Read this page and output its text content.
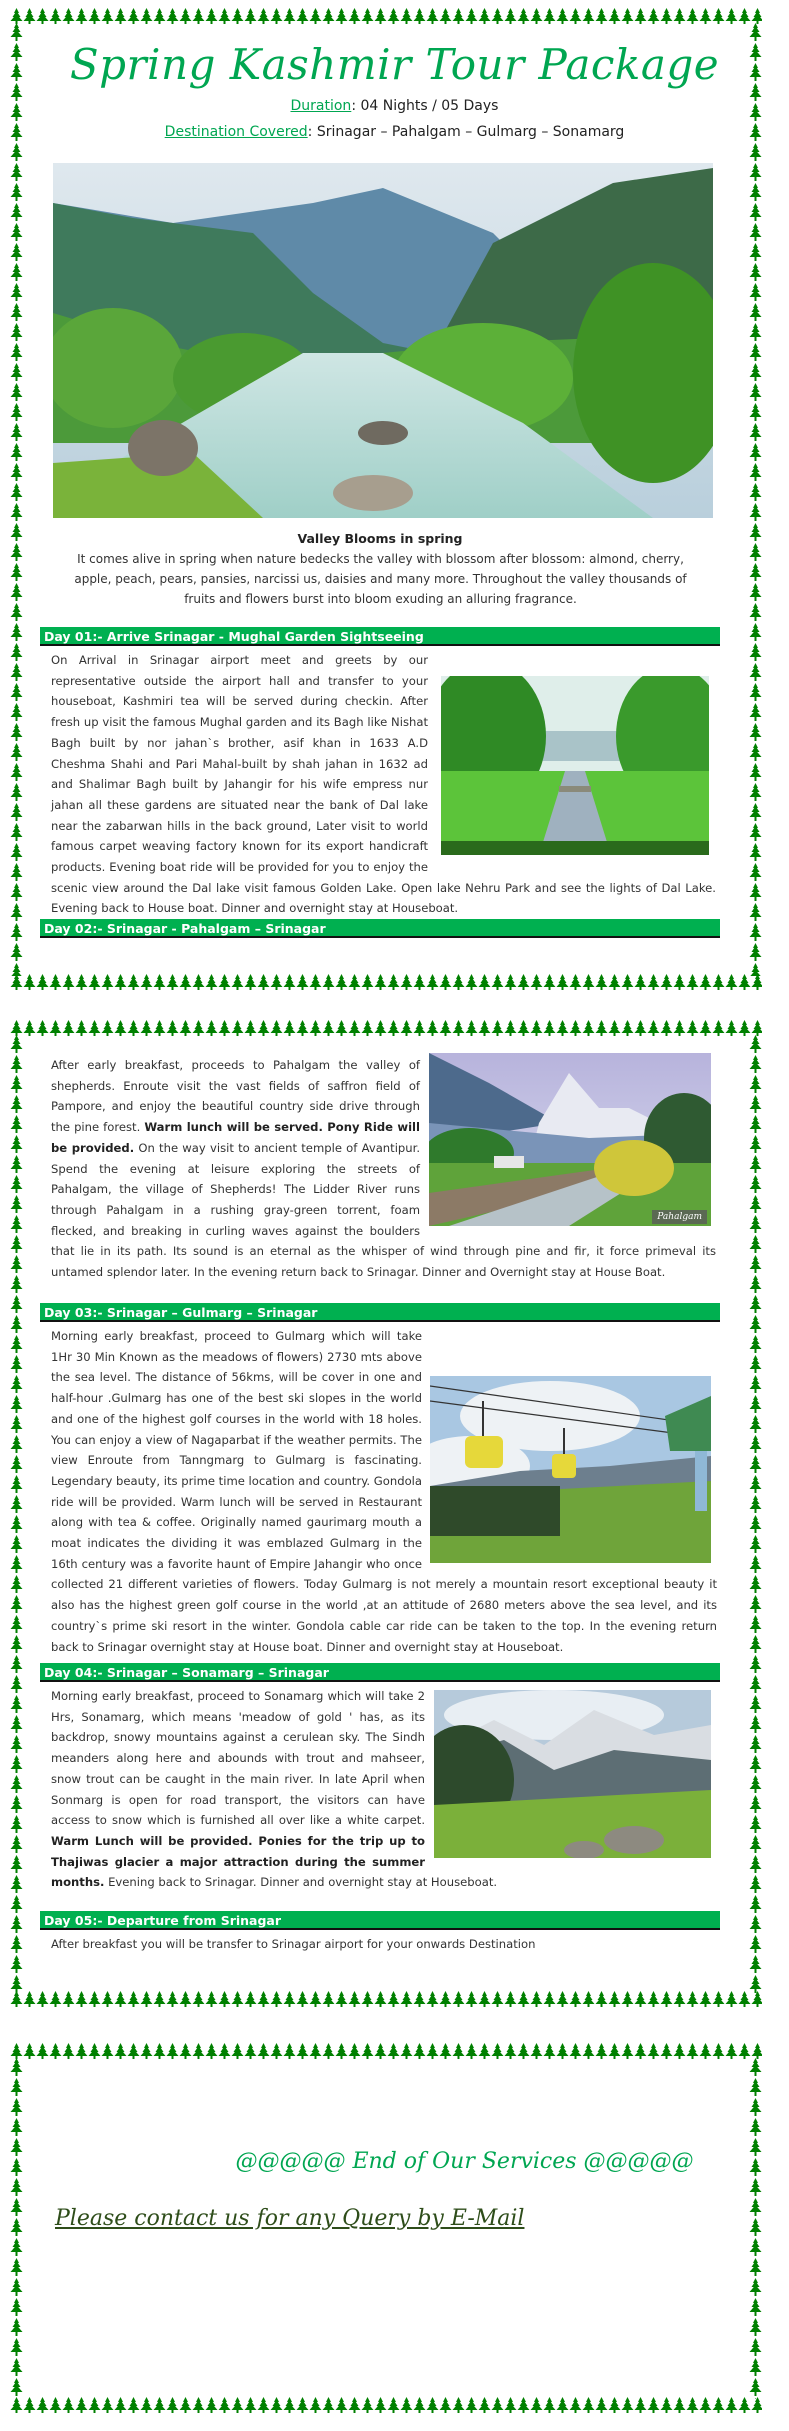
Spring Kashmir Tour Package
Duration: 04 Nights / 05 Days
Destination Covered: Srinagar – Pahalgam – Gulmarg – Sonamarg
Valley Blooms in spring
It comes alive in spring when nature bedecks the valley with blossom after blossom: almond, cherry, apple, peach, pears, pansies, narcissi us, daisies and many more. Throughout the valley thousands of fruits and flowers burst into bloom exuding an alluring fragrance.
Day 01:- Arrive Srinagar - Mughal Garden Sightseeing
On Arrival in Srinagar airport meet and greets by our representative outside the airport hall and transfer to your houseboat, Kashmiri tea will be served during checkin. After fresh up visit the famous Mughal garden and its Bagh like Nishat Bagh built by nor jahan`s brother, asif khan in 1633 A.D Cheshma Shahi and Pari Mahal-built by shah jahan in 1632 ad and Shalimar Bagh built by Jahangir for his wife empress nur jahan all these gardens are situated near the bank of Dal lake near the zabarwan hills in the back ground, Later visit to world famous carpet weaving factory known for its export handicraft products. Evening boat ride will be provided for you to enjoy the scenic view around the Dal lake visit famous Golden Lake. Open lake Nehru Park and see the lights of Dal Lake. Evening back to House boat. Dinner and overnight stay at Houseboat.
Day 02:- Srinagar - Pahalgam – Srinagar
Pahalgam
After early breakfast, proceeds to Pahalgam the valley of shepherds. Enroute visit the vast fields of saffron field of Pampore, and enjoy the beautiful country side drive through the pine forest. Warm lunch will be served. Pony Ride will be provided. On the way visit to ancient temple of Avantipur. Spend the evening at leisure exploring the streets of Pahalgam, the village of Shepherds! The Lidder River runs through Pahalgam in a rushing gray-green torrent, foam flecked, and breaking in curling waves against the boulders that lie in its path. Its sound is an eternal as the whisper of wind through pine and fir, it force primeval its untamed splendor later. In the evening return back to Srinagar. Dinner and Overnight stay at House Boat.
Day 03:- Srinagar – Gulmarg – Srinagar
Morning early breakfast, proceed to Gulmarg which will take 1Hr 30 Min Known as the meadows of flowers) 2730 mts above the sea level. The distance of 56kms, will be cover in one and half-hour .Gulmarg has one of the best ski slopes in the world and one of the highest golf courses in the world with 18 holes. You can enjoy a view of Nagaparbat if the weather permits. The view Enroute from Tanngmarg to Gulmarg is fascinating. Legendary beauty, its prime time location and country. Gondola ride will be provided. Warm lunch will be served in Restaurant along with tea & coffee. Originally named gaurimarg mouth a moat indicates the dividing it was emblazed Gulmarg in the 16th century was a favorite haunt of Empire Jahangir who once collected 21 different varieties of flowers. Today Gulmarg is not merely a mountain resort exceptional beauty it also has the highest green golf course in the world ,at an attitude of 2680 meters above the sea level, and its country`s prime ski resort in the winter. Gondola cable car ride can be taken to the top. In the evening return back to Srinagar overnight stay at House boat. Dinner and overnight stay at Houseboat.
Day 04:- Srinagar – Sonamarg – Srinagar
Morning early breakfast, proceed to Sonamarg which will take 2 Hrs, Sonamarg, which means 'meadow of gold ' has, as its backdrop, snowy mountains against a cerulean sky. The Sindh meanders along here and abounds with trout and mahseer, snow trout can be caught in the main river. In late April when Sonmarg is open for road transport, the visitors can have access to snow which is furnished all over like a white carpet. Warm Lunch will be provided. Ponies for the trip up to Thajiwas glacier a major attraction during the summer months. Evening back to Srinagar. Dinner and overnight stay at Houseboat.
Day 05:- Departure from Srinagar
After breakfast you will be transfer to Srinagar airport for your onwards Destination
@@@@@ End of Our Services @@@@@
Please contact us for any Query by E-Mail
